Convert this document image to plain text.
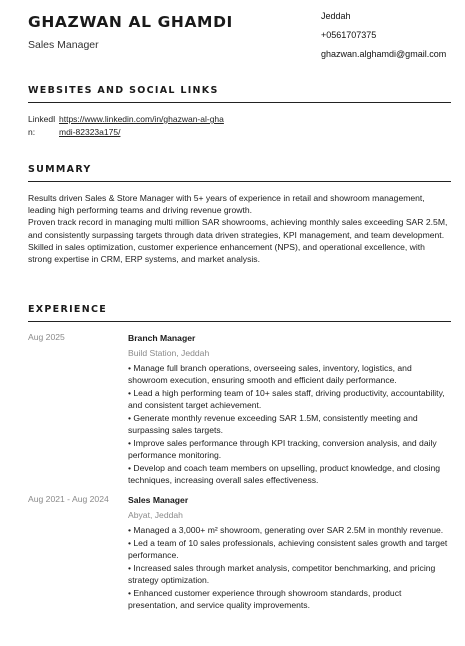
GHAZWAN AL GHAMDI
Sales Manager
Jeddah
+0561707375
ghazwan.alghamdi@gmail.com
WEBSITES AND SOCIAL LINKS
LinkedIn:
https://www.linkedin.com/in/ghazwan-al-ghamdi-82323a175/
SUMMARY

Results driven Sales & Store Manager with 5+ years of experience in retail and showroom management, leading high performing teams and driving revenue growth.

Proven track record in managing multi million SAR showrooms, achieving monthly sales exceeding SAR 2.5M, and consistently surpassing targets through data driven strategies, KPI management, and team development.

Skilled in sales optimization, customer experience enhancement (NPS), and operational excellence, with strong expertise in CRM, ERP systems, and market analysis.

EXPERIENCE
Aug 2025	Branch Manager
Build Station, Jeddah
• Manage full branch operations, overseeing sales, inventory, logistics, and showroom execution, ensuring smooth and efficient daily performance.
• Lead a high performing team of 10+ sales staff, driving productivity, accountability, and consistent target achievement.
• Generate monthly revenue exceeding SAR 1.5M, consistently meeting and surpassing sales targets.
• Improve sales performance through KPI tracking, conversion analysis, and daily performance monitoring.
• Develop and coach team members on upselling, product knowledge, and closing techniques, increasing overall sales effectiveness.
Aug 2021 - Aug 2024 Sales Manager
Abyat, Jeddah
• Managed a 3,000+ m² showroom, generating over SAR 2.5M in monthly revenue.
• Led a team of 10 sales professionals, achieving consistent sales growth and target performance.
• Increased sales through market analysis, competitor benchmarking, and pricing strategy optimization.
• Enhanced customer experience through showroom standards, product presentation, and service quality improvements.
